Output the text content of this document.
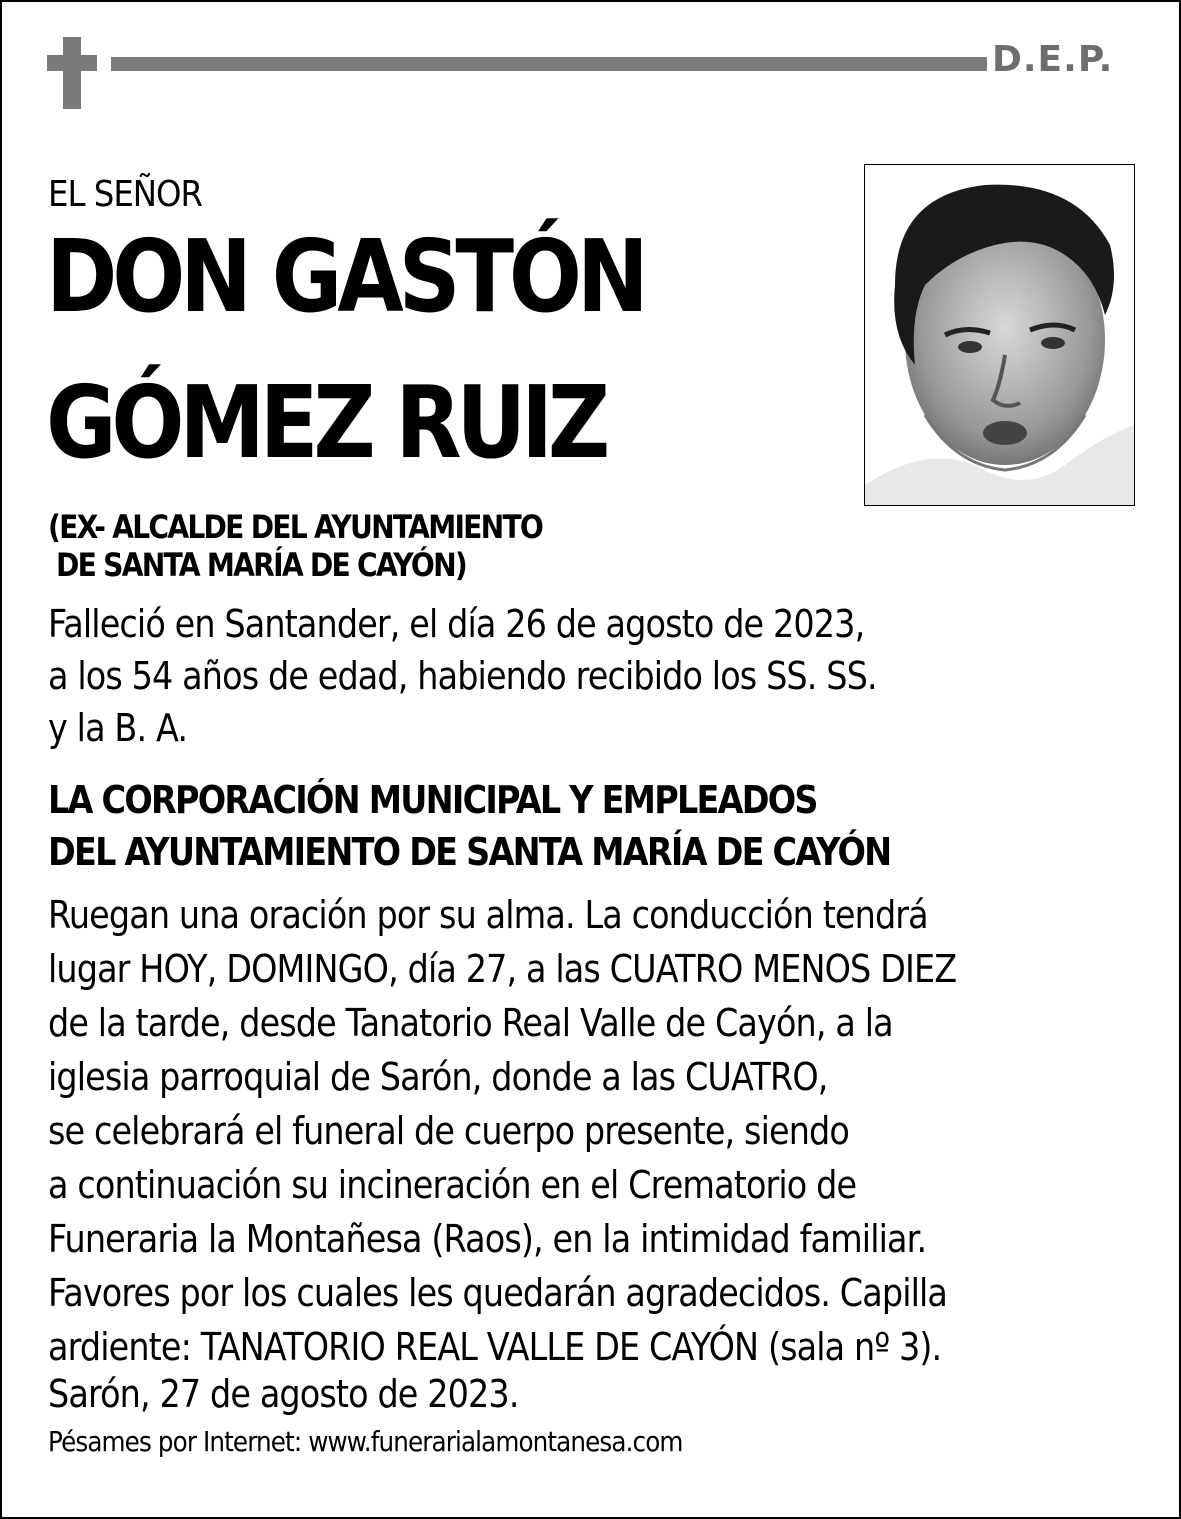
D.E.P.
EL SEÑOR
DON GASTÓN
GÓMEZ RUIZ
(EX- ALCALDE DEL AYUNTAMIENTO
DE SANTA MARÍA DE CAYÓN)
Falleció en Santander, el día 26 de agosto de 2023,
a los 54 años de edad, habiendo recibido los SS. SS.
y la B. A.
LA CORPORACIÓN MUNICIPAL Y EMPLEADOS
DEL AYUNTAMIENTO DE SANTA MARÍA DE CAYÓN
Ruegan una oración por su alma. La conducción tendrá
lugar HOY, DOMINGO, día 27, a las CUATRO MENOS DIEZ
de la tarde, desde Tanatorio Real Valle de Cayón, a la
iglesia parroquial de Sarón, donde a las CUATRO,
se celebrará el funeral de cuerpo presente, siendo
a continuación su incineración en el Crematorio de
Funeraria la Montañesa (Raos), en la intimidad familiar.
Favores por los cuales les quedarán agradecidos. Capilla
ardiente: TANATORIO REAL VALLE DE CAYÓN (sala nº 3).
Sarón, 27 de agosto de 2023.
Pésames por Internet: www.funerarialamontanesa.com
